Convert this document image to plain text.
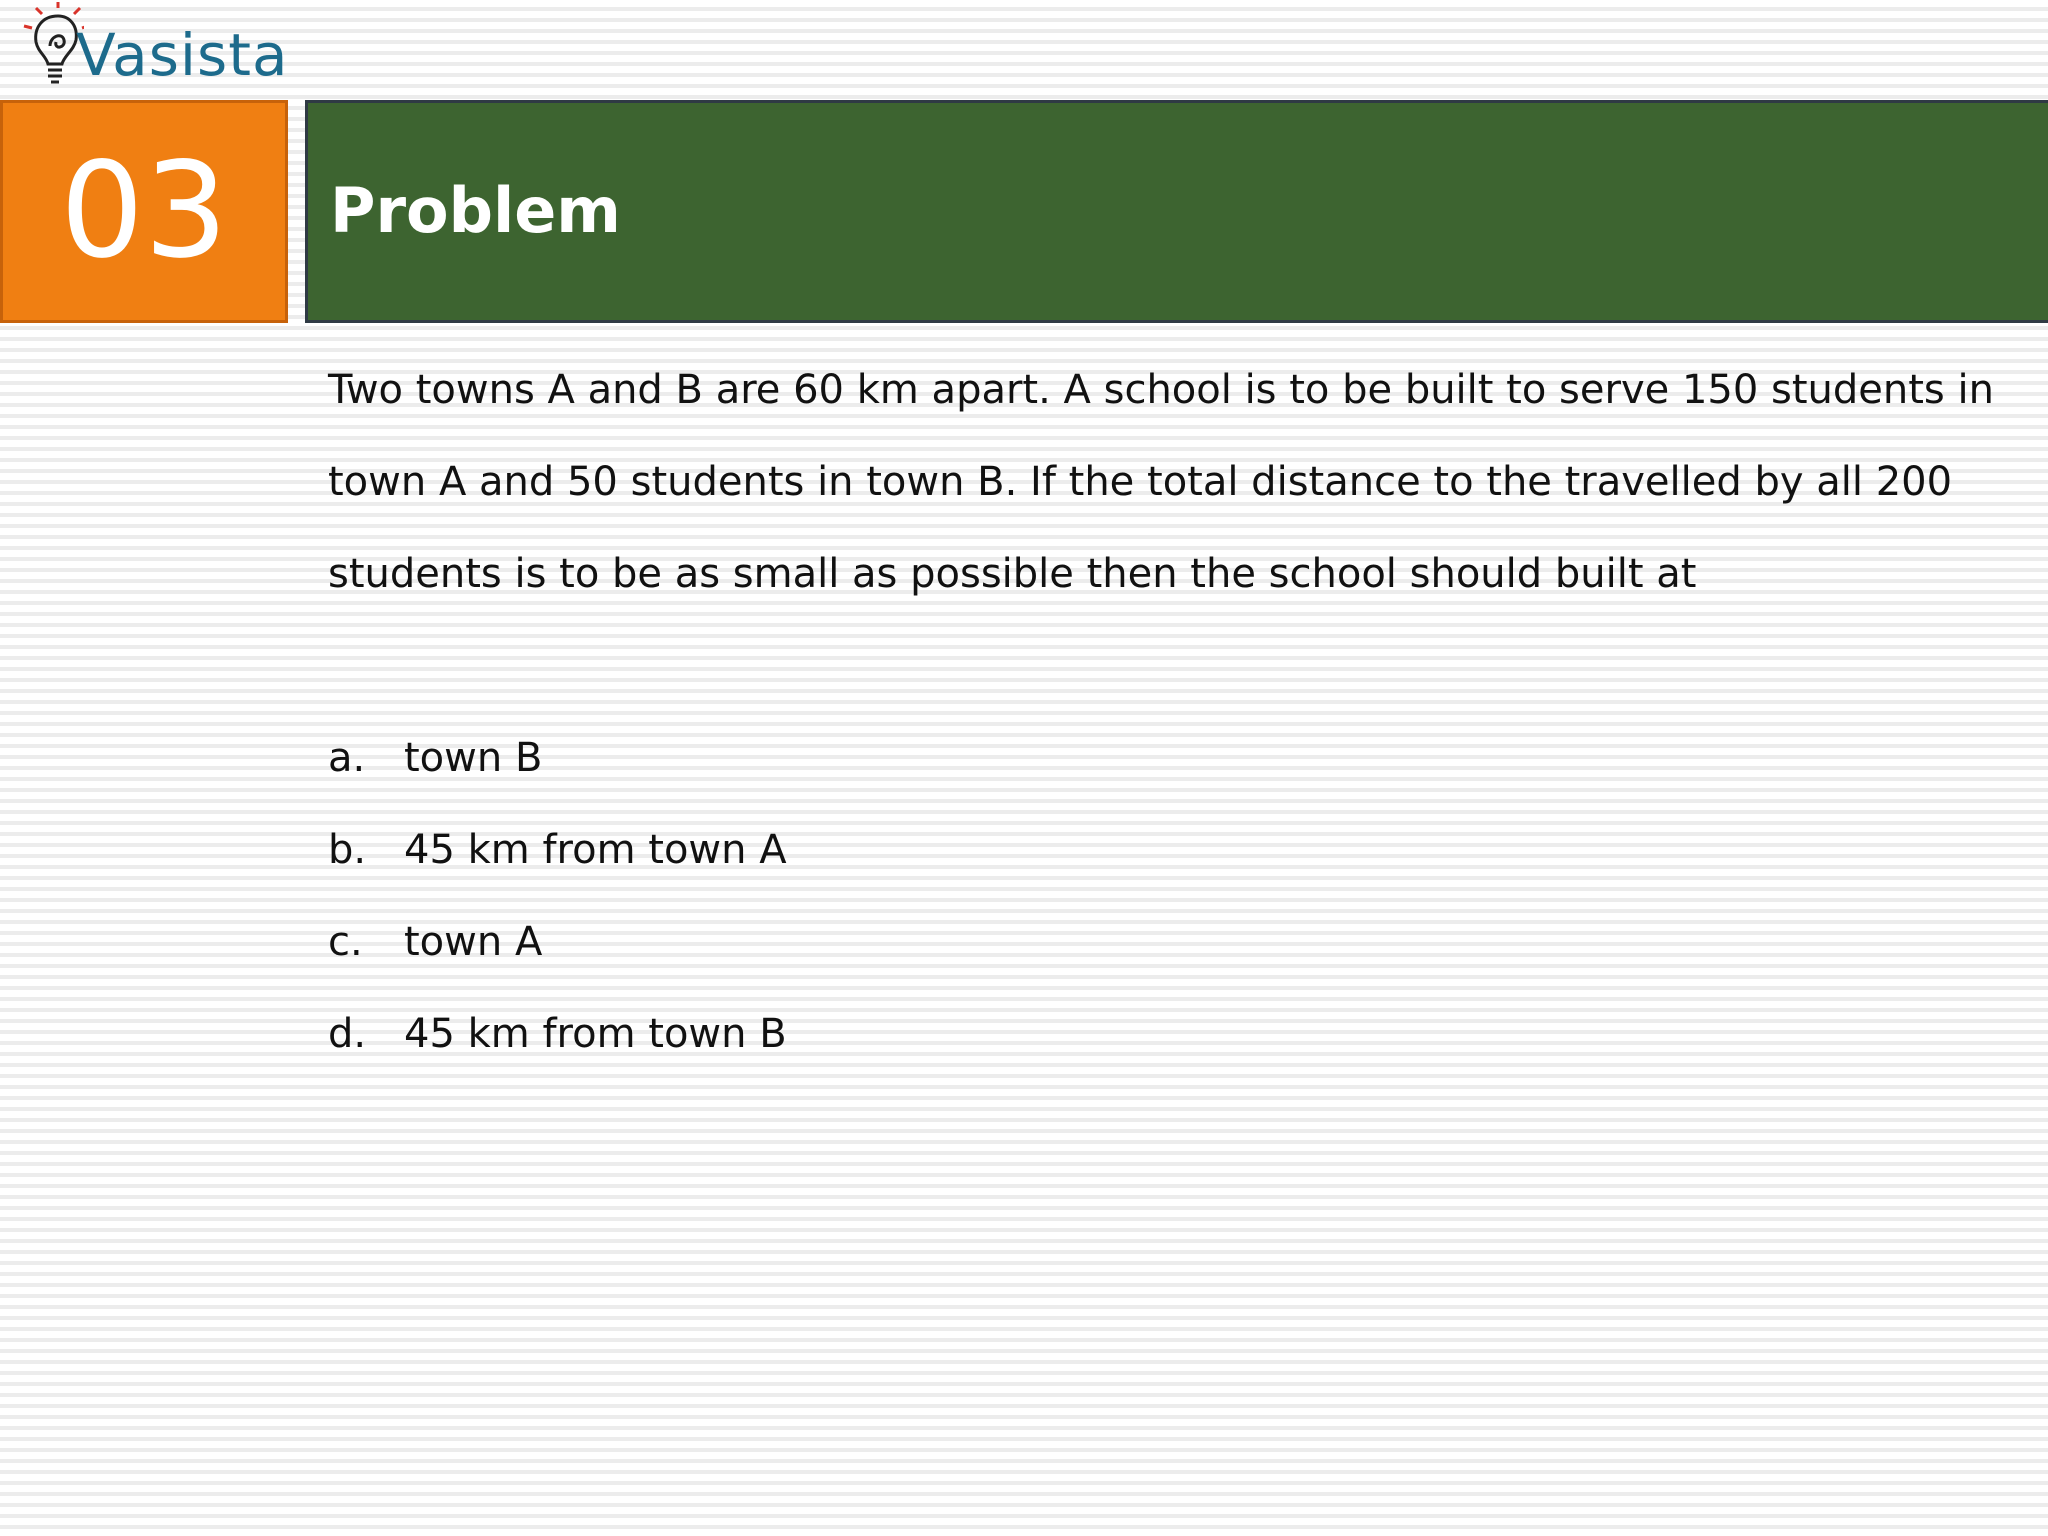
Vasista
03	Problem

Two towns A and B are 60 km apart. A school is to be built to serve 150 students in town A and 50 students in town B. If the total distance to the travelled by all 200 students is to be as small as possible then the school should built at

a. town B
b. 45 km from town A
c.	town A
d. 45 km from town B
